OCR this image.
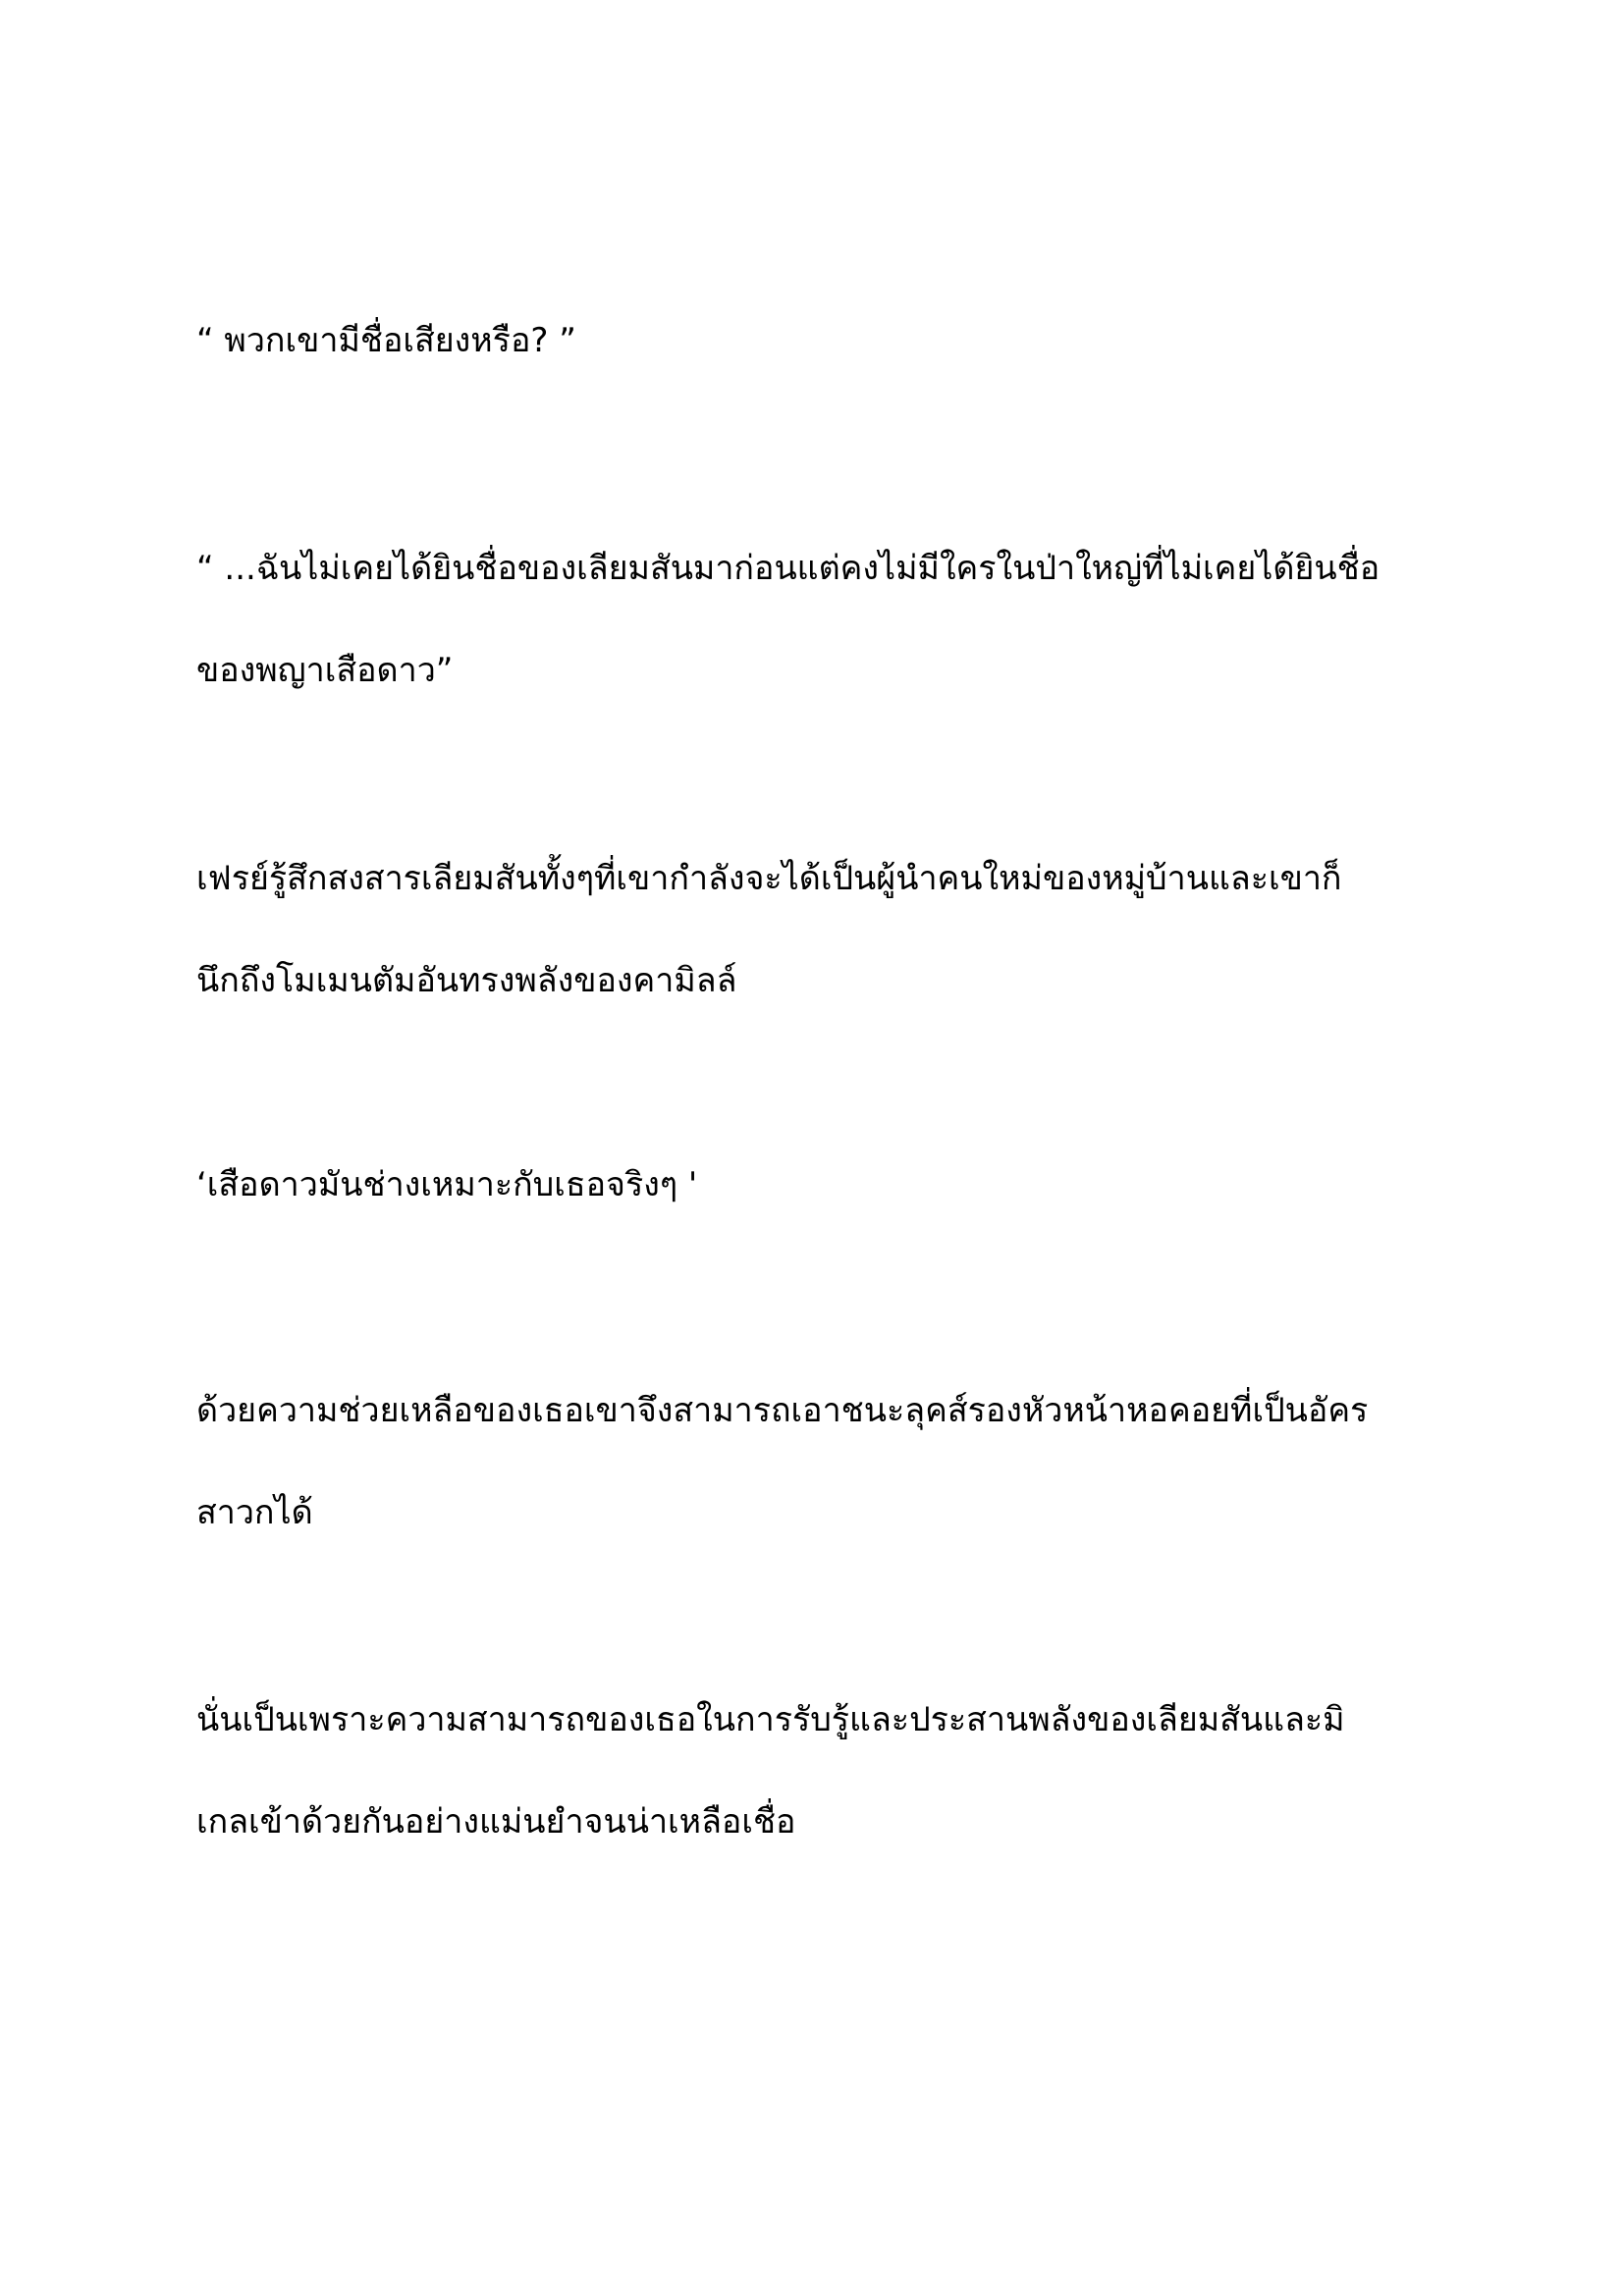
“ พวกเขามีชื่อเสียงหรือ? ”

“ ...ฉันไม่เคยได้ยินชื่อของเลียมสันมาก่อนแต่คงไม่มีใครในป่าใหญ่ที่ไม่เคยได้ยินชื่อ
ของพญาเสือดาว”

เฟรย์รู้สึกสงสารเลียมสันทั้งๆที่เขากำลังจะได้เป็นผู้นำคนใหม่ของหมู่บ้านและเขาก็
นึกถึงโมเมนตัมอันทรงพลังของคามิลล์

‘เสือดาวมันช่างเหมาะกับเธอจริงๆ '

ด้วยความช่วยเหลือของเธอเขาจึงสามารถเอาชนะลุคส์รองหัวหน้าหอคอยที่เป็นอัคร
สาวกได้

นั่นเป็นเพราะความสามารถของเธอในการรับรู้และประสานพลังของเลียมสันและมิ
เกลเข้าด้วยกันอย่างแม่นยำจนน่าเหลือเชื่อ
